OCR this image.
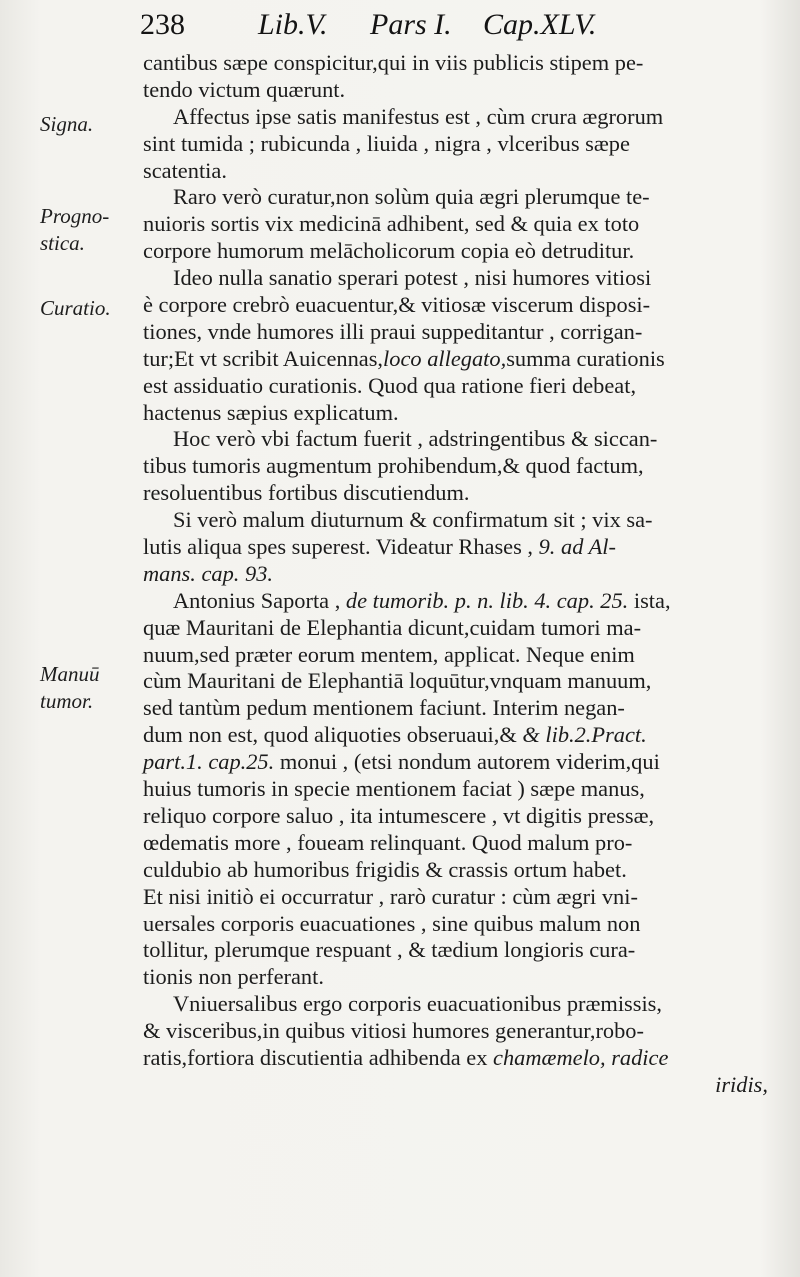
238 Lib.V. Pars I. Cap.XLV.
Signa.
Progno-
stica.
Curatio.
Manuū
tumor.
cantibus sæpe conspicitur,qui in viis publicis stipem pe-
tendo victum quærunt.
Affectus ipse satis manifestus est , cùm crura ægrorum
sint tumida ; rubicunda , liuida , nigra , vlceribus sæpe
scatentia.
Raro verò curatur,non solùm quia ægri plerumque te-
nuioris sortis vix medicinā adhibent, sed & quia ex toto
corpore humorum melācholicorum copia eò detruditur.
Ideo nulla sanatio sperari potest , nisi humores vitiosi
è corpore crebrò euacuentur,& vitiosæ viscerum disposi-
tiones, vnde humores illi praui suppeditantur , corrigan-
tur;Et vt scribit Auicennas,loco allegato,summa curationis
est assiduatio curationis. Quod qua ratione fieri debeat,
hactenus sæpius explicatum.
Hoc verò vbi factum fuerit , adstringentibus & siccan-
tibus tumoris augmentum prohibendum,& quod factum,
resoluentibus fortibus discutiendum.
Si verò malum diuturnum & confirmatum sit ; vix sa-
lutis aliqua spes superest. Videatur Rhases , 9. ad Al-
mans. cap. 93.
Antonius Saporta , de tumorib. p. n. lib. 4. cap. 25. ista,
quæ Mauritani de Elephantia dicunt,cuidam tumori ma-
nuum,sed præter eorum mentem, applicat. Neque enim
cùm Mauritani de Elephantiā loquūtur,vnquam manuum,
sed tantùm pedum mentionem faciunt. Interim negan-
dum non est, quod aliquoties obseruaui,& & lib.2.Pract.
part.1. cap.25. monui , (etsi nondum autorem viderim,qui
huius tumoris in specie mentionem faciat ) sæpe manus,
reliquo corpore saluo , ita intumescere , vt digitis pressæ,
œdematis more , foueam relinquant. Quod malum pro-
culdubio ab humoribus frigidis & crassis ortum habet.
Et nisi initiò ei occurratur , rarò curatur : cùm ægri vni-
uersales corporis euacuationes , sine quibus malum non
tollitur, plerumque respuant , & tædium longioris cura-
tionis non perferant.
Vniuersalibus ergo corporis euacuationibus præmissis,
& visceribus,in quibus vitiosi humores generantur,robo-
ratis,fortiora discutientia adhibenda ex chamæmelo, radice
iridis,
